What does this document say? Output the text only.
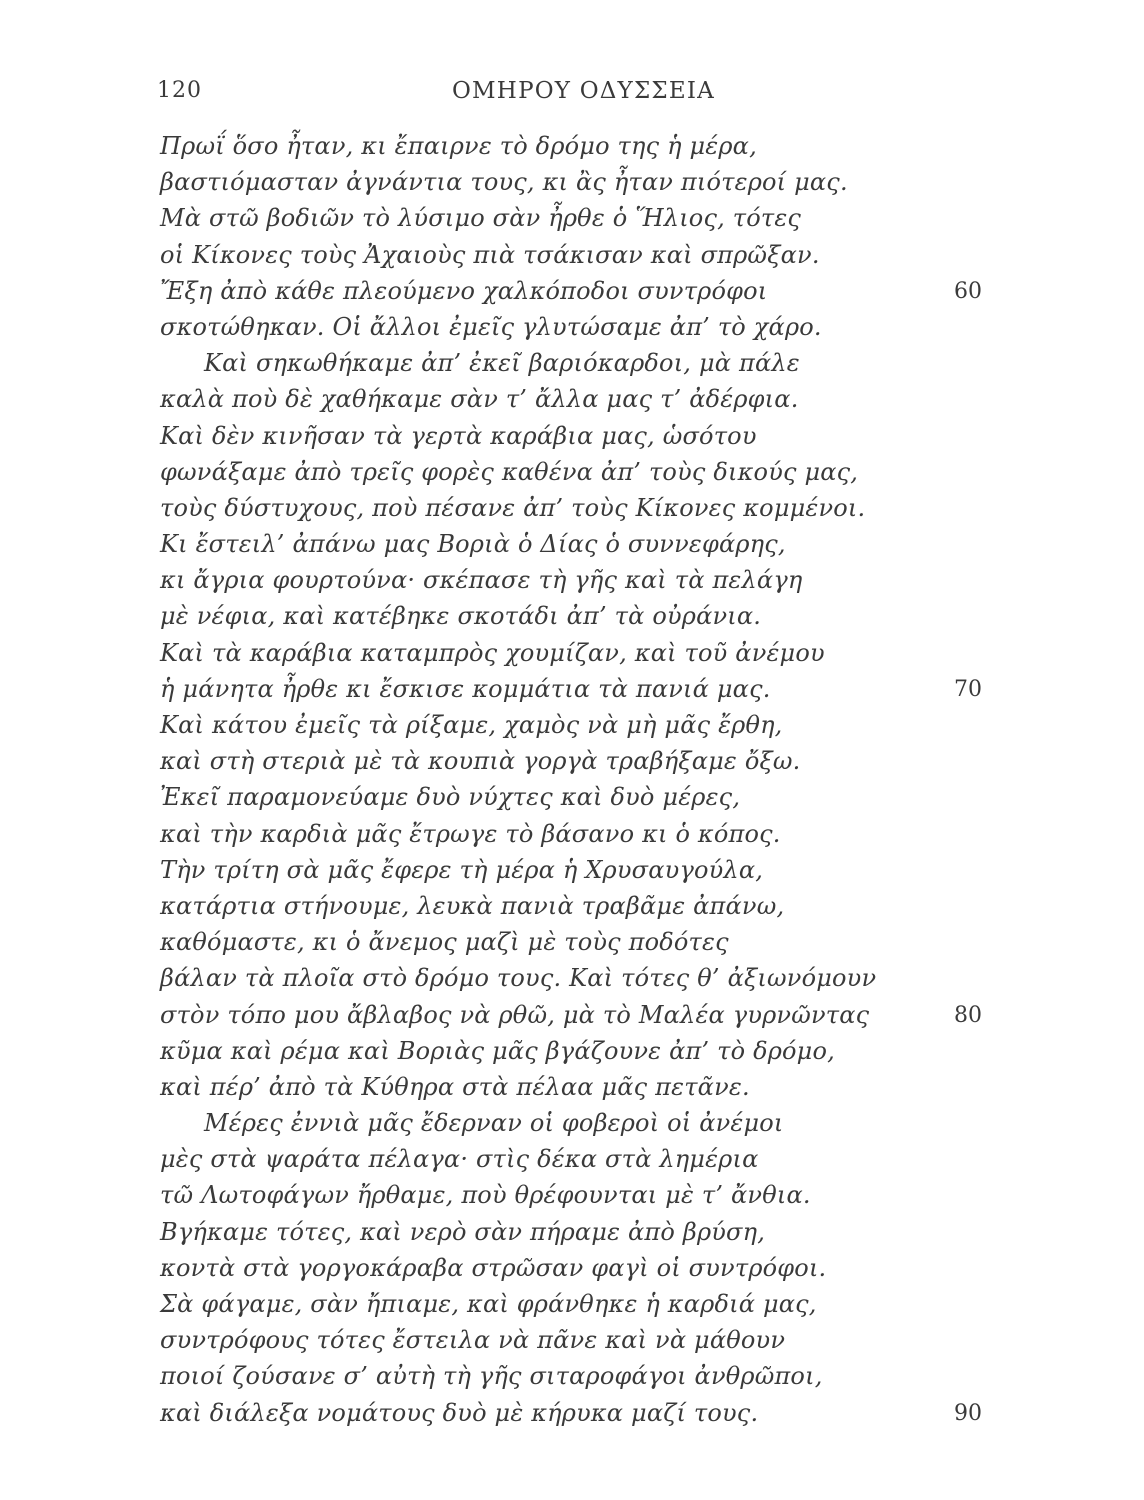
120	ΟΜΗΡΟΥ ΟΔΥΣΣΕΙΑ
Πρωΐ ὅσο ἦταν, κι ἔπαιρνε τὸ δρόμο της ἡ μέρα,
βαστιόμασταν ἀγνάντια τους, κι ἂς ἦταν πιότεροί μας.
Μὰ στῶ βοδιῶν τὸ λύσιμο σὰν ἦρθε ὁ Ἥλιος, τότες
οἱ Κίκονες τοὺς Ἀχαιοὺς πιὰ τσάκισαν καὶ σπρῶξαν.
Ἔξη ἀπὸ κάθε πλεούμενο χαλκόποδοι συντρόφοι
σκοτώθηκαν. Οἱ ἄλλοι ἐμεῖς γλυτώσαμε ἀπ’ τὸ χάρο.
Καὶ σηκωθήκαμε ἀπ’ ἐκεῖ βαριόκαρδοι, μὰ πάλε
καλὰ ποὺ δὲ χαθήκαμε σὰν τ’ ἄλλα μας τ’ ἀδέρφια.
Καὶ δὲν κινῆσαν τὰ γερτὰ καράβια μας, ὡσότου
φωνάξαμε ἀπὸ τρεῖς φορὲς καθένα ἀπ’ τοὺς δικούς μας,
τοὺς δύστυχους, ποὺ πέσανε ἀπ’ τοὺς Κίκονες κομμένοι.
Κι ἔστειλ’ ἀπάνω μας Βοριὰ ὁ Δίας ὁ συννεφάρης,
κι ἄγρια φουρτούνα· σκέπασε τὴ γῆς καὶ τὰ πελάγη
μὲ νέφια, καὶ κατέβηκε σκοτάδι ἀπ’ τὰ οὐράνια.
Καὶ τὰ καράβια καταμπρὸς χουμίζαν, καὶ τοῦ ἀνέμου
ἡ μάνητα ἦρθε κι ἔσκισε κομμάτια τὰ πανιά μας.
Καὶ κάτου ἐμεῖς τὰ ρίξαμε, χαμὸς νὰ μὴ μᾶς ἔρθη,
καὶ στὴ στεριὰ μὲ τὰ κουπιὰ γοργὰ τραβήξαμε ὄξω.
Ἐκεῖ παραμονεύαμε δυὸ νύχτες καὶ δυὸ μέρες,
καὶ τὴν καρδιὰ μᾶς ἔτρωγε τὸ βάσανο κι ὁ κόπος.
Τὴν τρίτη σὰ μᾶς ἔφερε τὴ μέρα ἡ Χρυσαυγούλα,
κατάρτια στήνουμε, λευκὰ πανιὰ τραβᾶμε ἀπάνω,
καθόμαστε, κι ὁ ἄνεμος μαζὶ μὲ τοὺς ποδότες
βάλαν τὰ πλοῖα στὸ δρόμο τους. Καὶ τότες θ’ ἀξιωνόμουν
στὸν τόπο μου ἄβλαβος νὰ ρθῶ, μὰ τὸ Μαλέα γυρνῶντας
κῦμα καὶ ρέμα καὶ Βοριὰς μᾶς βγάζουνε ἀπ’ τὸ δρόμο,
καὶ πέρ’ ἀπὸ τὰ Κύθηρα στὰ πέλαα μᾶς πετᾶνε.
Μέρες ἐννιὰ μᾶς ἔδερναν οἱ φοβεροὶ οἱ ἀνέμοι
μὲς στὰ ψαράτα πέλαγα· στὶς δέκα στὰ λημέρια
τῶ Λωτοφάγων ἤρθαμε, ποὺ θρέφουνται μὲ τ’ ἄνθια.
Βγήκαμε τότες, καὶ νερὸ σὰν πήραμε ἀπὸ βρύση,
κοντὰ στὰ γοργοκάραβα στρῶσαν φαγὶ οἱ συντρόφοι.
Σὰ φάγαμε, σὰν ἤπιαμε, καὶ φράνθηκε ἡ καρδιά μας,
συντρόφους τότες ἔστειλα νὰ πᾶνε καὶ νὰ μάθουν
ποιοί ζούσανε σ’ αὐτὴ τὴ γῆς σιταροφάγοι ἀνθρῶποι,
καὶ διάλεξα νομάτους δυὸ μὲ κήρυκα μαζί τους.
60
70
80
90
